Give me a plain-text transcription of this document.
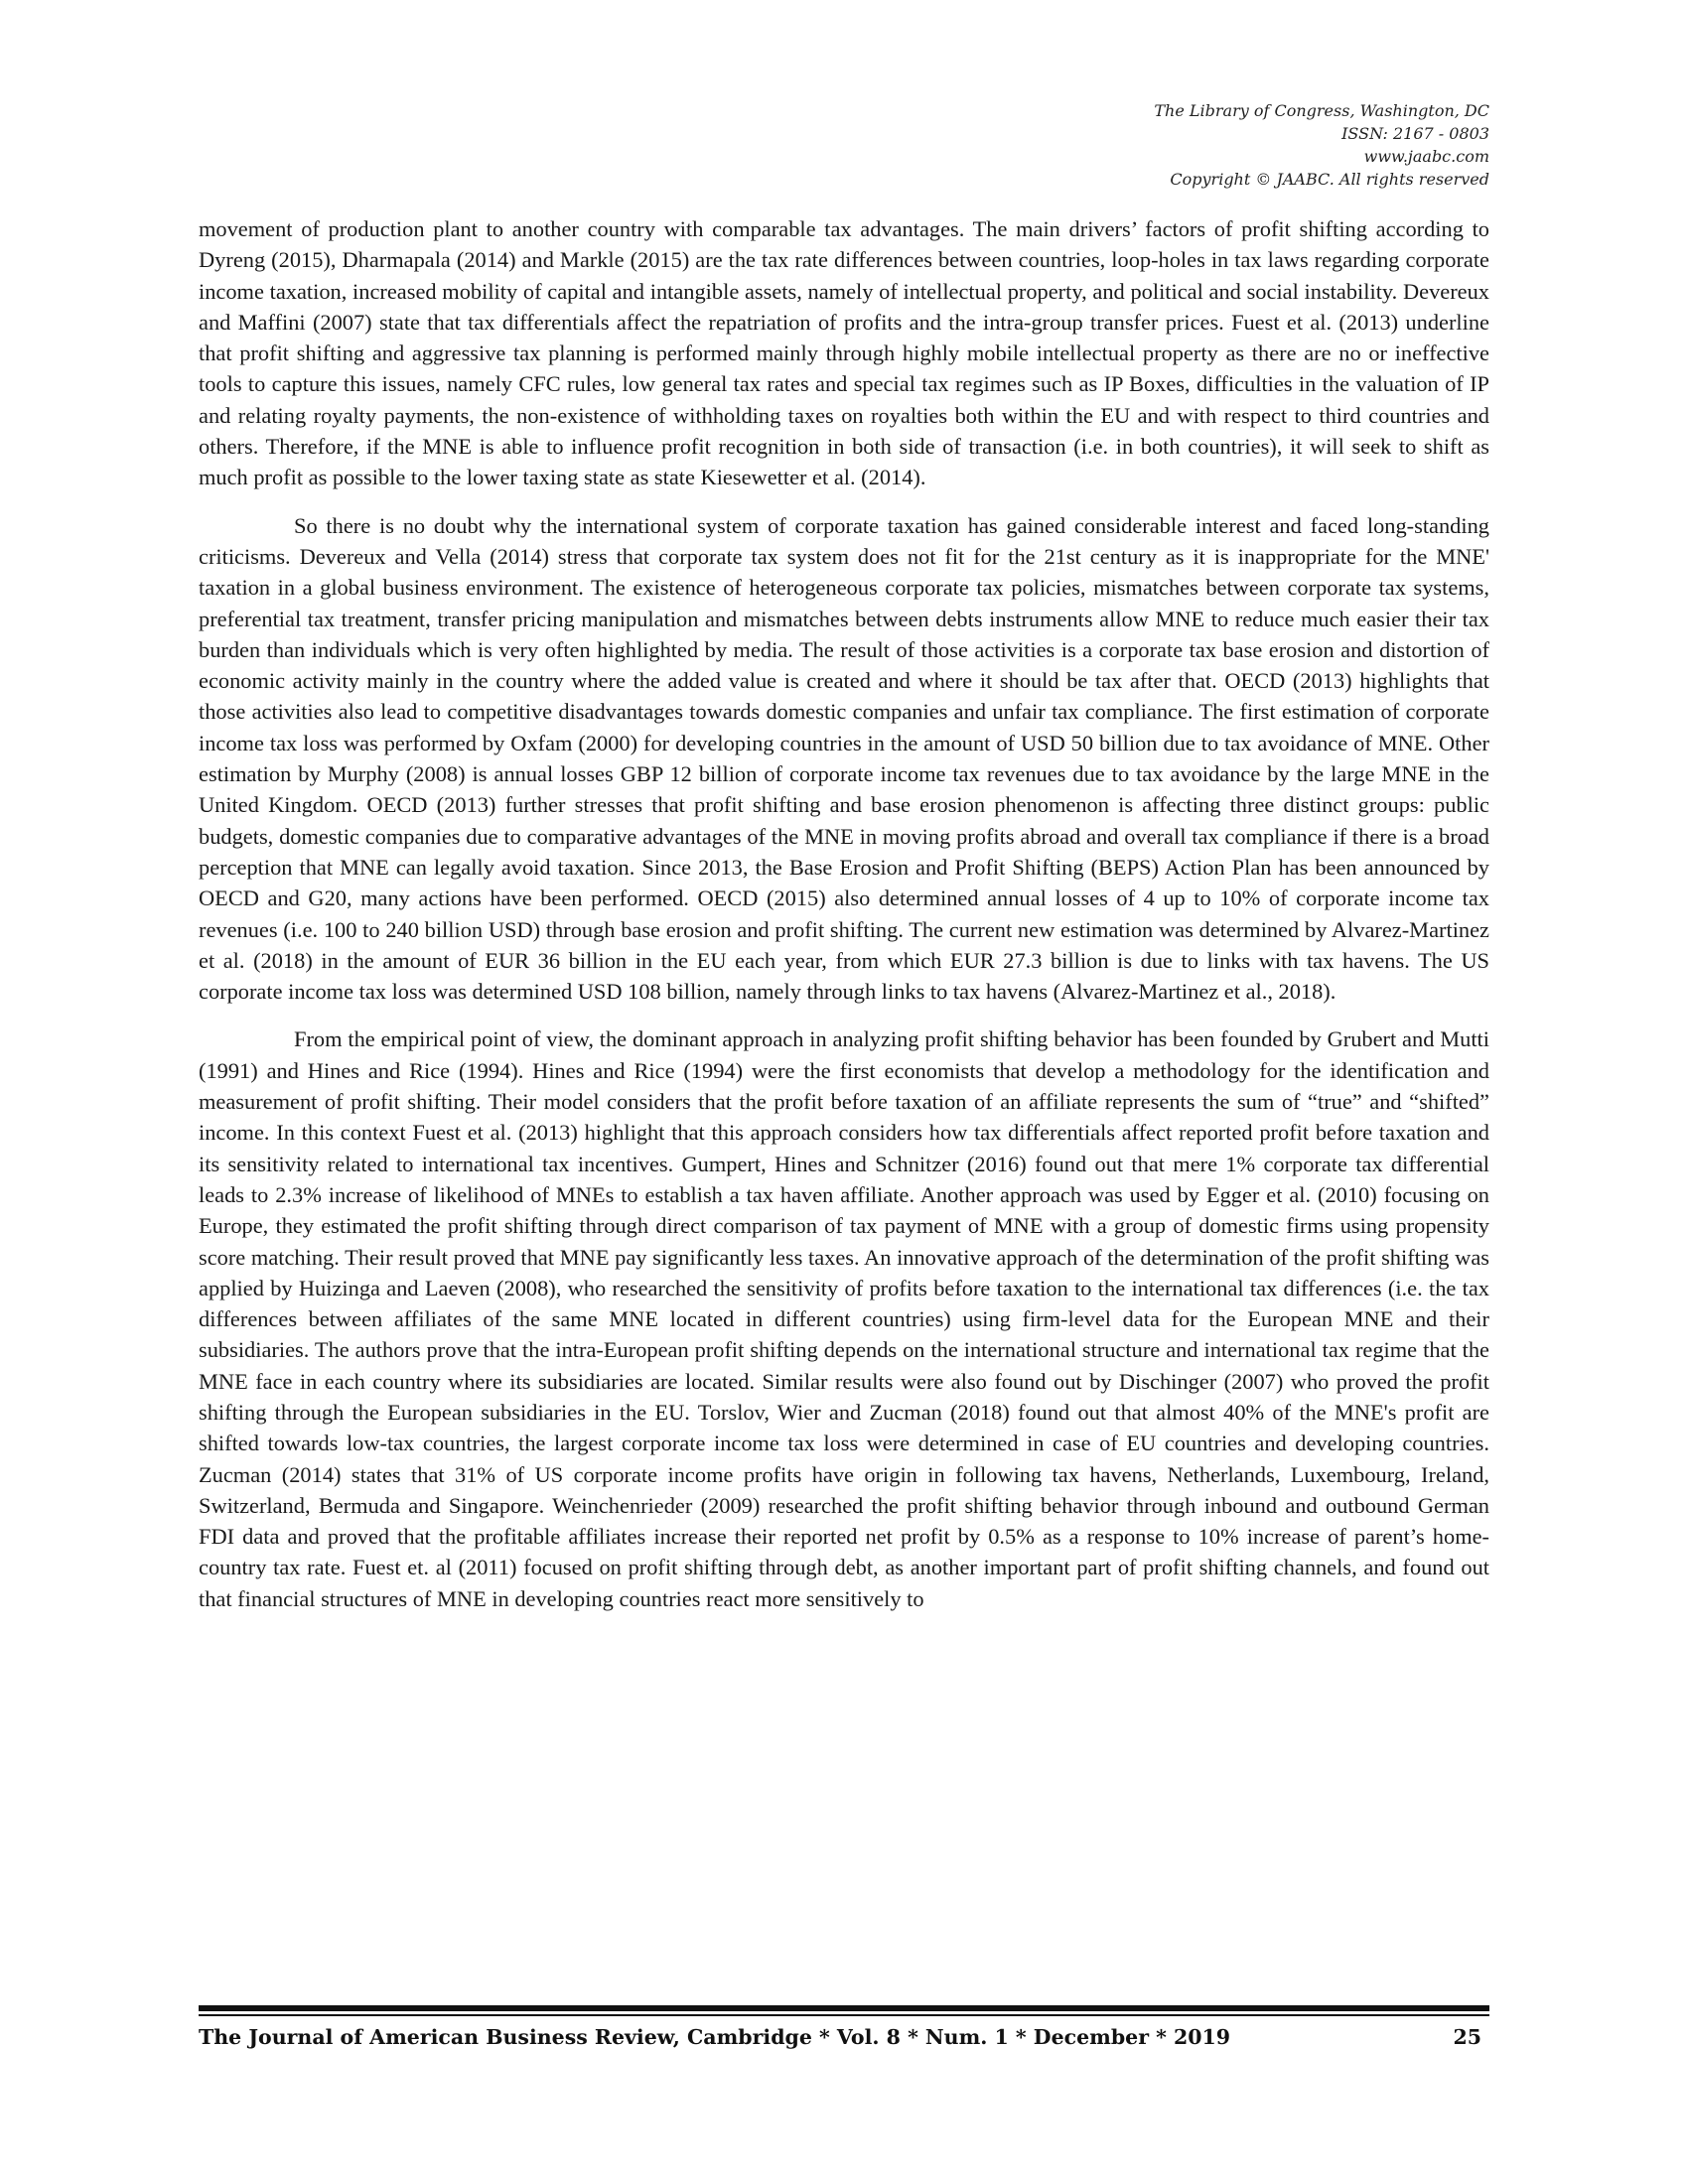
The Library of Congress, Washington, DC
ISSN: 2167 - 0803
www.jaabc.com
Copyright © JAABC. All rights reserved

movement of production plant to another country with comparable tax advantages. The main drivers’ factors of profit shifting according to Dyreng (2015), Dharmapala (2014) and Markle (2015) are the tax rate differences between countries, loop-holes in tax laws regarding corporate income taxation, increased mobility of capital and intangible assets, namely of intellectual property, and political and social instability. Devereux and Maffini (2007) state that tax differentials affect the repatriation of profits and the intra-group transfer prices. Fuest et al. (2013) underline that profit shifting and aggressive tax planning is performed mainly through highly mobile intellectual property as there are no or ineffective tools to capture this issues, namely CFC rules, low general tax rates and special tax regimes such as IP Boxes, difficulties in the valuation of IP and relating royalty payments, the non-existence of withholding taxes on royalties both within the EU and with respect to third countries and others. Therefore, if the MNE is able to influence profit recognition in both side of transaction (i.e. in both countries), it will seek to shift as much profit as possible to the lower taxing state as state Kiesewetter et al. (2014).

So there is no doubt why the international system of corporate taxation has gained considerable interest and faced long-standing criticisms. Devereux and Vella (2014) stress that corporate tax system does not fit for the 21st century as it is inappropriate for the MNE' taxation in a global business environment. The existence of heterogeneous corporate tax policies, mismatches between corporate tax systems, preferential tax treatment, transfer pricing manipulation and mismatches between debts instruments allow MNE to reduce much easier their tax burden than individuals which is very often highlighted by media. The result of those activities is a corporate tax base erosion and distortion of economic activity mainly in the country where the added value is created and where it should be tax after that. OECD (2013) highlights that those activities also lead to competitive disadvantages towards domestic companies and unfair tax compliance. The first estimation of corporate income tax loss was performed by Oxfam (2000) for developing countries in the amount of USD 50 billion due to tax avoidance of MNE. Other estimation by Murphy (2008) is annual losses GBP 12 billion of corporate income tax revenues due to tax avoidance by the large MNE in the United Kingdom. OECD (2013) further stresses that profit shifting and base erosion phenomenon is affecting three distinct groups: public budgets, domestic companies due to comparative advantages of the MNE in moving profits abroad and overall tax compliance if there is a broad perception that MNE can legally avoid taxation. Since 2013, the Base Erosion and Profit Shifting (BEPS) Action Plan has been announced by OECD and G20, many actions have been performed. OECD (2015) also determined annual losses of 4 up to 10% of corporate income tax revenues (i.e. 100 to 240 billion USD) through base erosion and profit shifting. The current new estimation was determined by Alvarez-Martinez et al. (2018) in the amount of EUR 36 billion in the EU each year, from which EUR 27.3 billion is due to links with tax havens. The US corporate income tax loss was determined USD 108 billion, namely through links to tax havens (Alvarez-Martinez et al., 2018).

From the empirical point of view, the dominant approach in analyzing profit shifting behavior has been founded by Grubert and Mutti (1991) and Hines and Rice (1994). Hines and Rice (1994) were the first economists that develop a methodology for the identification and measurement of profit shifting. Their model considers that the profit before taxation of an affiliate represents the sum of “true” and “shifted” income. In this context Fuest et al. (2013) highlight that this approach considers how tax differentials affect reported profit before taxation and its sensitivity related to international tax incentives. Gumpert, Hines and Schnitzer (2016) found out that mere 1% corporate tax differential leads to 2.3% increase of likelihood of MNEs to establish a tax haven affiliate. Another approach was used by Egger et al. (2010) focusing on Europe, they estimated the profit shifting through direct comparison of tax payment of MNE with a group of domestic firms using propensity score matching. Their result proved that MNE pay significantly less taxes. An innovative approach of the determination of the profit shifting was applied by Huizinga and Laeven (2008), who researched the sensitivity of profits before taxation to the international tax differences (i.e. the tax differences between affiliates of the same MNE located in different countries) using firm-level data for the European MNE and their subsidiaries. The authors prove that the intra-European profit shifting depends on the international structure and international tax regime that the MNE face in each country where its subsidiaries are located. Similar results were also found out by Dischinger (2007) who proved the profit shifting through the European subsidiaries in the EU. Torslov, Wier and Zucman (2018) found out that almost 40% of the MNE's profit are shifted towards low-tax countries, the largest corporate income tax loss were determined in case of EU countries and developing countries. Zucman (2014) states that 31% of US corporate income profits have origin in following tax havens, Netherlands, Luxembourg, Ireland, Switzerland, Bermuda and Singapore. Weinchenrieder (2009) researched the profit shifting behavior through inbound and outbound German FDI data and proved that the profitable affiliates increase their reported net profit by 0.5% as a response to 10% increase of parent’s home-country tax rate. Fuest et. al (2011) focused on profit shifting through debt, as another important part of profit shifting channels, and found out that financial structures of MNE in developing countries react more sensitively to

The Journal of American Business Review, Cambridge * Vol. 8 * Num. 1 * December * 2019	25
